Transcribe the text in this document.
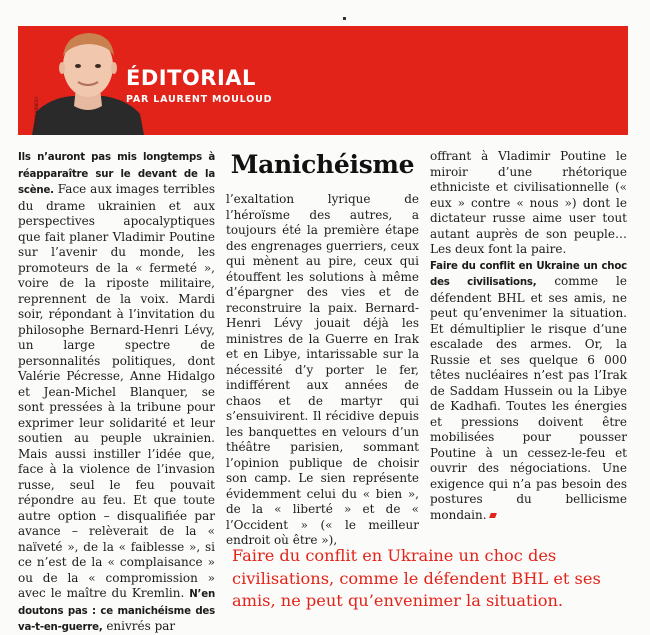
BRUNO ARBESU
ÉDITORIAL
PAR LAURENT MOULOUD

Ils n’auront pas mis longtemps à réapparaître sur le devant de la scène. Face aux images terribles du drame ukrainien et aux perspectives apocalyptiques que fait planer Vladimir Poutine sur l’avenir du monde, les promoteurs de la « fermeté », voire de la riposte militaire, reprennent de la voix. Mardi soir, répondant à l’invitation du philosophe Bernard-Henri Lévy, un large spectre de personnalités politiques, dont Valérie Pécresse, Anne Hidalgo et Jean-Michel Blanquer, se sont pressées à la tribune pour exprimer leur solidarité et leur soutien au peuple ukrainien. Mais aussi instiller l’idée que, face à la violence de l’invasion russe, seul le feu pouvait répondre au feu. Et que toute autre option – disqualifiée par avance – relèverait de la « naïveté », de la « faiblesse », si ce n’est de la « complaisance » ou de la « compromission » avec le maître du Kremlin. N’en doutons pas : ce manichéisme des va-t-en-guerre, enivrés par

Manichéisme

l’exaltation lyrique de l’héroïsme des autres, a toujours été la première étape des engrenages guerriers, ceux qui mènent au pire, ceux qui étouffent les solutions à même d’épargner des vies et de reconstruire la paix. Bernard-Henri Lévy jouait déjà les ministres de la Guerre en Irak et en Libye, intarissable sur la nécessité d’y porter le fer, indifférent aux années de chaos et de martyr qui s’ensuivirent. Il récidive depuis les banquettes en velours d’un théâtre parisien, sommant l’opinion publique de choisir son camp. Le sien représente évidemment celui du « bien », de la « liberté » et de « l’Occident » (« le meilleur endroit où être »),

offrant à Vladimir Poutine le miroir d’une rhétorique ethniciste et civilisationnelle (« eux » contre « nous ») dont le dictateur russe aime user tout autant auprès de son peuple… Les deux font la paire.

Faire du conflit en Ukraine un choc des civilisations, comme le défendent BHL et ses amis, ne peut qu’envenimer la situation. Et démultiplier le risque d’une escalade des armes. Or, la Russie et ses quelque 6 000 têtes nucléaires n’est pas l’Irak de Saddam Hussein ou la Libye de Kadhafi. Toutes les énergies et pressions doivent être mobilisées pour pousser Poutine à un cessez-le-feu et ouvrir des négociations. Une exigence qui n’a pas besoin des postures du bellicisme mondain.

Faire du conflit en Ukraine un choc des civilisations, comme le défendent BHL et ses amis, ne peut qu’envenimer la situation.
